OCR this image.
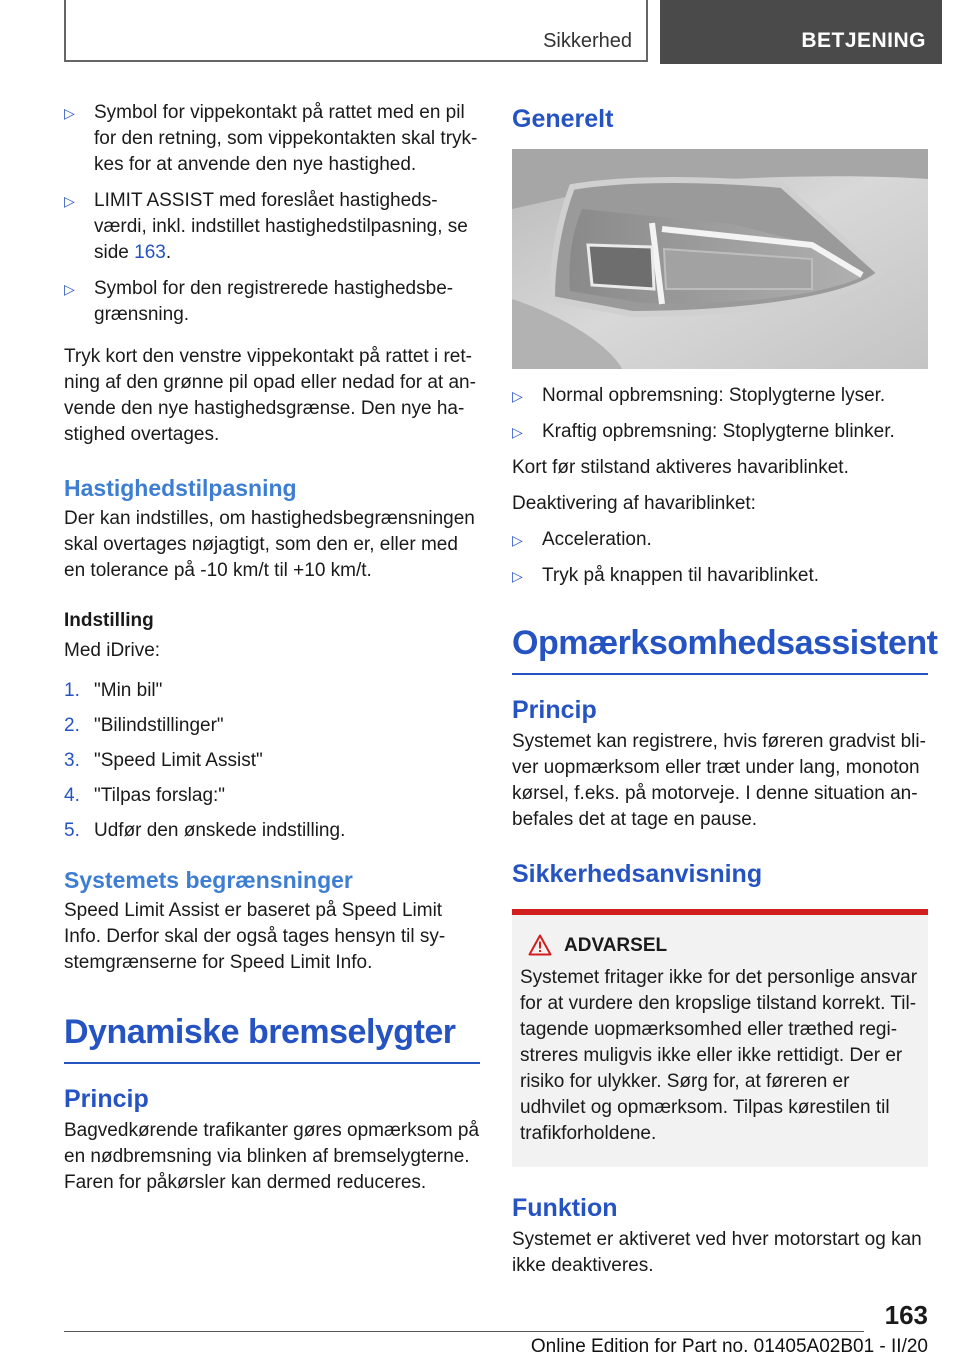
Sikkerhed	BETJENING
▷ Symbol for vippekontakt på rattet med en pil for den retning, som vippekontakten skal trykkes for at anvende den nye hastighed.
▷ LIMIT ASSIST med foreslået hastighedsværdi, inkl. indstillet hastighedstilpasning, se side 163.
▷ Symbol for den registrerede hastighedsbegrænsning.

Tryk kort den venstre vippekontakt på rattet i retning af den grønne pil opad eller nedad for at anvende den nye hastighedsgrænse. Den nye hastighed overtages.

Hastighedstilpasning

Der kan indstilles, om hastighedsbegrænsningen skal overtages nøjagtigt, som den er, eller med en tolerance på -10 km/t til +10 km/t.

Indstilling

Med iDrive:

1. "Min bil"
2. "Bilindstillinger"
3. "Speed Limit Assist"
4. "Tilpas forslag:"
5. Udfør den ønskede indstilling.
Systemets begrænsninger

Speed Limit Assist er baseret på Speed Limit Info. Derfor skal der også tages hensyn til systemgrænserne for Speed Limit Info.

Dynamiske bremselygter
Princip

Bagvedkørende trafikanter gøres opmærksom på en nødbremsning via blinken af bremselygterne. Faren for påkørsler kan dermed reduceres.

Generelt
▷ Normal opbremsning: Stoplygterne lyser.
▷ Kraftig opbremsning: Stoplygterne blinker.

Kort før stilstand aktiveres havariblinket.

Deaktivering af havariblinket:

▷ Acceleration.
▷ Tryk på knappen til havariblinket.
Opmærksomhedsassistent
Princip

Systemet kan registrere, hvis føreren gradvist bliver uopmærksom eller træt under lang, monoton kørsel, f.eks. på motorveje. I denne situation anbefales det at tage en pause.

Sikkerhedsanvisning
ADVARSEL

Systemet fritager ikke for det personlige ansvar for at vurdere den kropslige tilstand korrekt. Tiltagende uopmærksomhed eller træthed registreres muligvis ikke eller ikke rettidigt. Der er risiko for ulykker. Sørg for, at føreren er udhvilet og opmærksom. Tilpas kørestilen til trafikforholdene.

Funktion

Systemet er aktiveret ved hver motorstart og kan ikke deaktiveres.

163
Online Edition for Part no. 01405A02B01 - II/20
